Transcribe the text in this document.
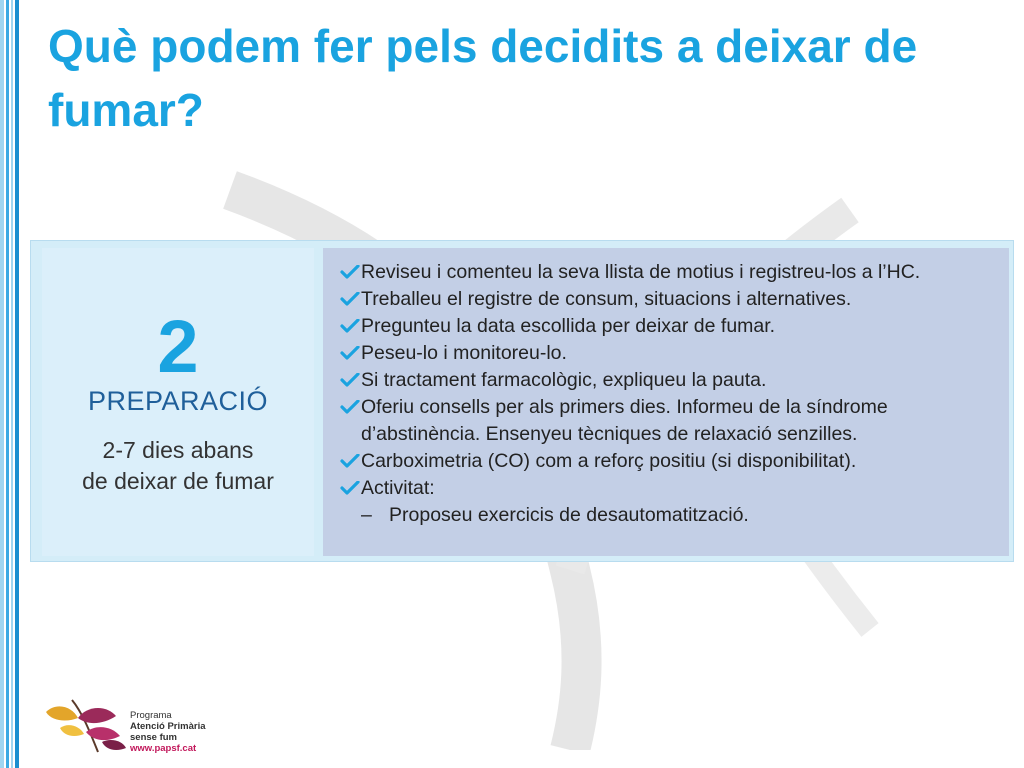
Què podem fer pels decidits a deixar de fumar?
2
PREPARACIÓ
2-7 dies abans
de deixar de fumar
Reviseu i comenteu la seva llista de motius i registreu-los a l’HC.
Treballeu el registre de consum, situacions i alternatives.
Pregunteu la data escollida per deixar de fumar.
Peseu-lo i monitoreu-lo.
Si tractament farmacològic, expliqueu la pauta.
Oferiu consells per als primers dies. Informeu de la síndrome
d’abstinència. Ensenyeu tècniques de relaxació senzilles.
Carboximetria (CO) com a reforç positiu (si disponibilitat).
Activitat:
– Proposeu exercicis de desautomatització.
Programa
Atenció Primària
sense fum
www.papsf.cat
